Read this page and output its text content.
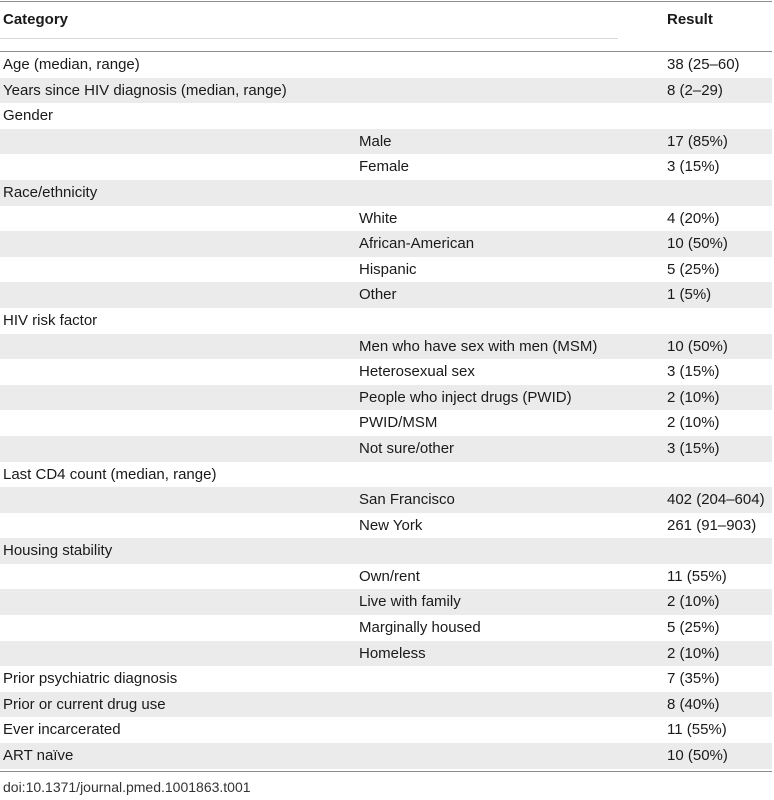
Category	Result
Age (median, range)	38 (25–60)
Years since HIV diagnosis (median, range)	8 (2–29)
Gender
Male	17 (85%)
Female	3 (15%)
Race/ethnicity
White	4 (20%)
African-American	10 (50%)
Hispanic	5 (25%)
Other	1 (5%)
HIV risk factor
Men who have sex with men (MSM)	10 (50%)
Heterosexual sex	3 (15%)
People who inject drugs (PWID)	2 (10%)
PWID/MSM	2 (10%)
Not sure/other	3 (15%)
Last CD4 count (median, range)
San Francisco	402 (204–604)
New York	261 (91–903)
Housing stability
Own/rent	11 (55%)
Live with family	2 (10%)
Marginally housed	5 (25%)
Homeless	2 (10%)
Prior psychiatric diagnosis	7 (35%)
Prior or current drug use	8 (40%)
Ever incarcerated	11 (55%)
ART naïve	10 (50%)
doi:10.1371/journal.pmed.1001863.t001
